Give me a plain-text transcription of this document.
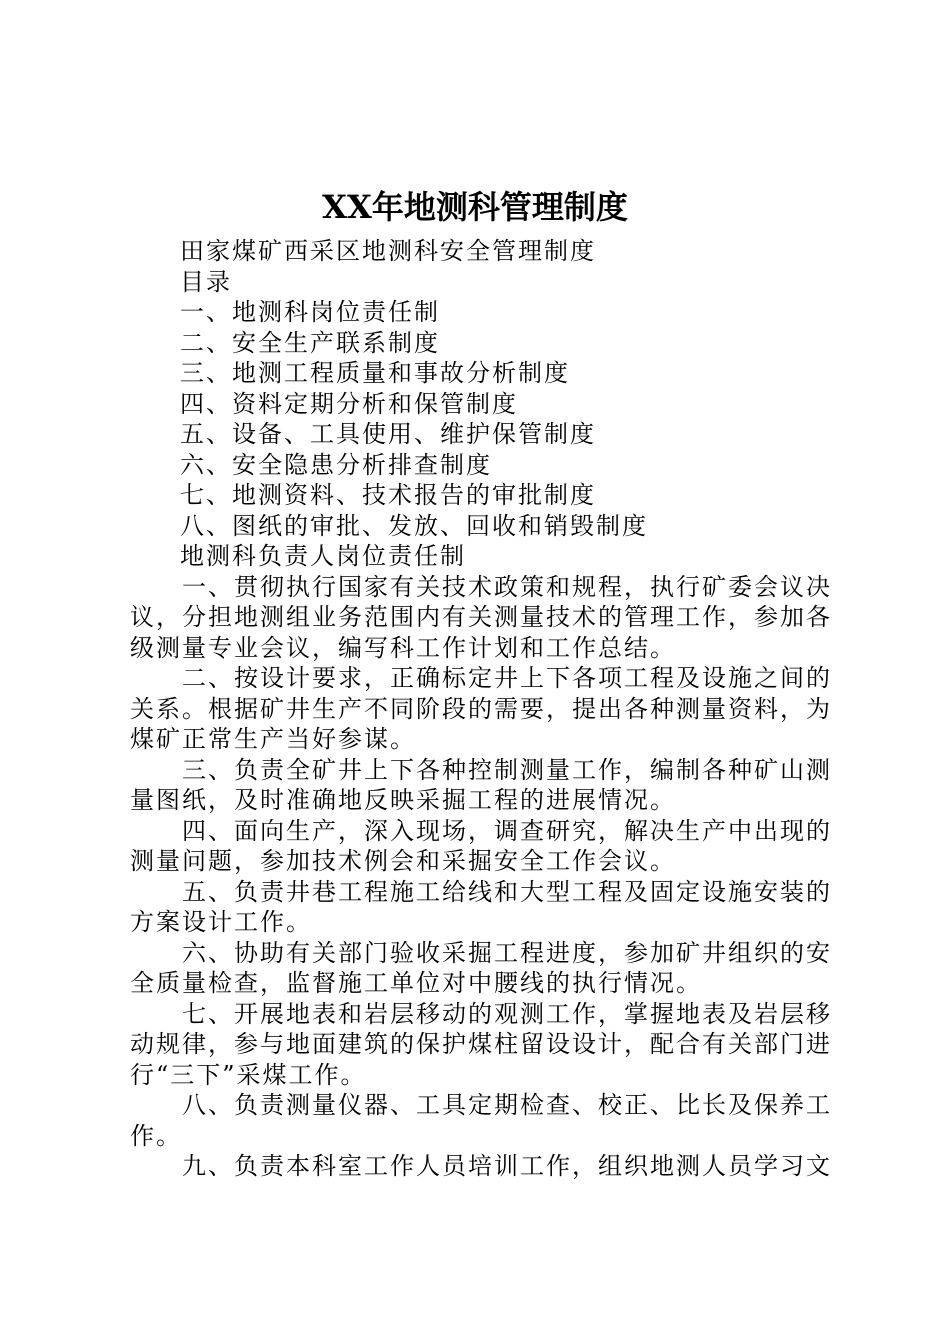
XX年地测科管理制度

田家煤矿西采区地测科安全管理制度

目录

一、地测科岗位责任制

二、安全生产联系制度

三、地测工程质量和事故分析制度

四、资料定期分析和保管制度

五、设备、工具使用、维护保管制度

六、安全隐患分析排查制度

七、地测资料、技术报告的审批制度

八、图纸的审批、发放、回收和销毁制度

地测科负责人岗位责任制

一、贯彻执行国家有关技术政策和规程，执行矿委会议决议，分担地测组业务范围内有关测量技术的管理工作，参加各级测量专业会议，编写科工作计划和工作总结。

二、按设计要求，正确标定井上下各项工程及设施之间的关系。根据矿井生产不同阶段的需要，提出各种测量资料，为煤矿正常生产当好参谋。

三、负责全矿井上下各种控制测量工作，编制各种矿山测量图纸，及时准确地反映采掘工程的进展情况。

四、面向生产，深入现场，调查研究，解决生产中出现的测量问题，参加技术例会和采掘安全工作会议。

五、负责井巷工程施工给线和大型工程及固定设施安装的方案设计工作。

六、协助有关部门验收采掘工程进度，参加矿井组织的安全质量检查，监督施工单位对中腰线的执行情况。

七、开展地表和岩层移动的观测工作，掌握地表及岩层移动规律，参与地面建筑的保护煤柱留设设计，配合有关部门进行“三下”采煤工作。

八、负责测量仪器、工具定期检查、校正、比长及保养工作。

九、负责本科室工作人员培训工作，组织地测人员学习文
